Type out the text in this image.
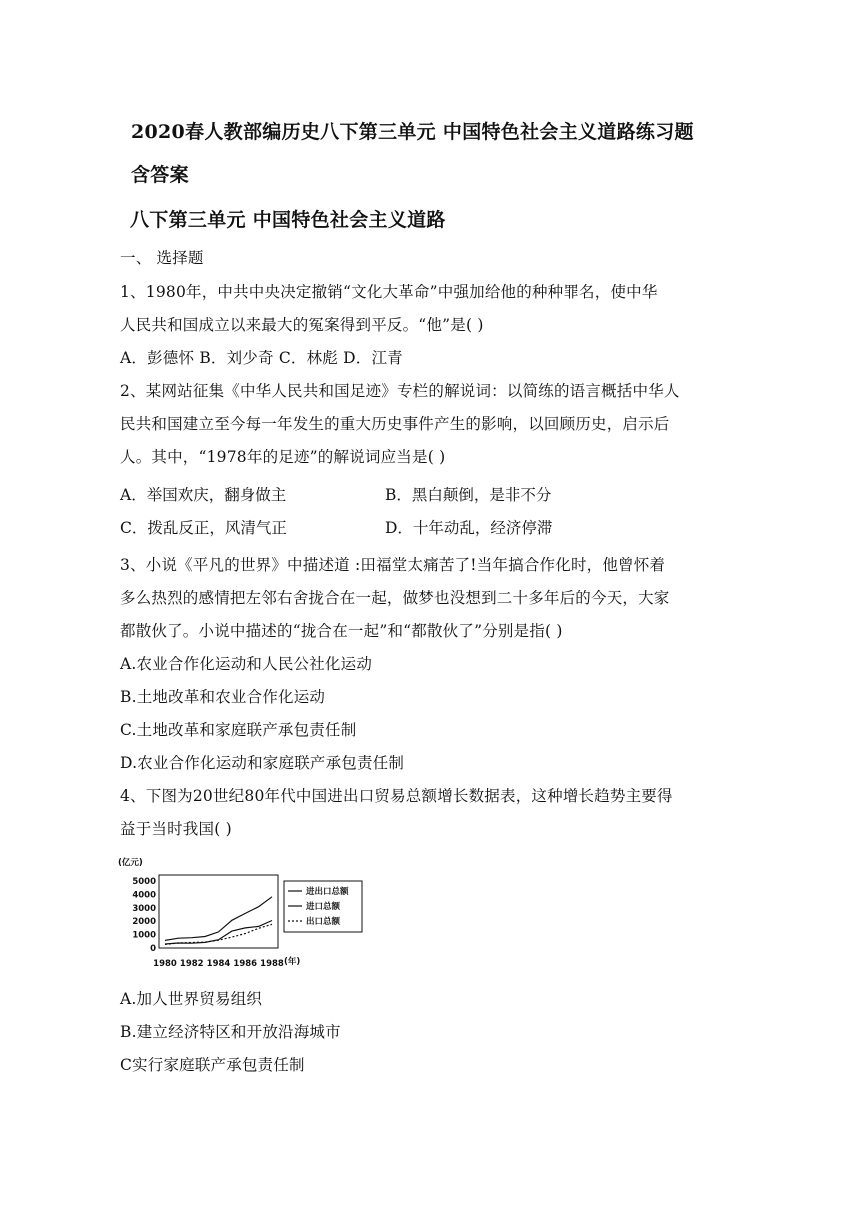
2020春人教部编历史八下第三单元 中国特色社会主义道路练习题
含答案
八下第三单元 中国特色社会主义道路
一、 选择题
1、1980年，中共中央决定撤销“文化大革命”中强加给他的种种罪名，使中华
人民共和国成立以来最大的冤案得到平反。“他”是( )
A．彭德怀 B．刘少奇 C．林彪 D．江青
2、某网站征集《中华人民共和国足迹》专栏的解说词：以简练的语言概括中华人
民共和国建立至今每一年发生的重大历史事件产生的影响，以回顾历史，启示后
人。其中，“1978年的足迹”的解说词应当是( )
A．举国欢庆，翻身做主	B．黑白颠倒，是非不分
C．拨乱反正，风清气正	D．十年动乱，经济停滞
3、小说《平凡的世界》中描述道 :田福堂太痛苦了!当年搞合作化时，他曾怀着
多么热烈的感情把左邻右舍拢合在一起，做梦也没想到二十多年后的今天，大家
都散伙了。小说中描述的“拢合在一起”和“都散伙了”分别是指( )
A.农业合作化运动和人民公社化运动
B.土地改革和农业合作化运动
C.土地改革和家庭联产承包责任制
D.农业合作化运动和家庭联产承包责任制
4、下图为20世纪80年代中国进出口贸易总额增长数据表，这种增长趋势主要得
益于当时我国( )
(亿元)
5000
4000
3000
2000
1000
0
1980 1982 1984 1986 1988 (年)
进出口总额
进口总额
出口总额
A.加人世界贸易组织
B.建立经济特区和开放沿海城市
C实行家庭联产承包责任制
